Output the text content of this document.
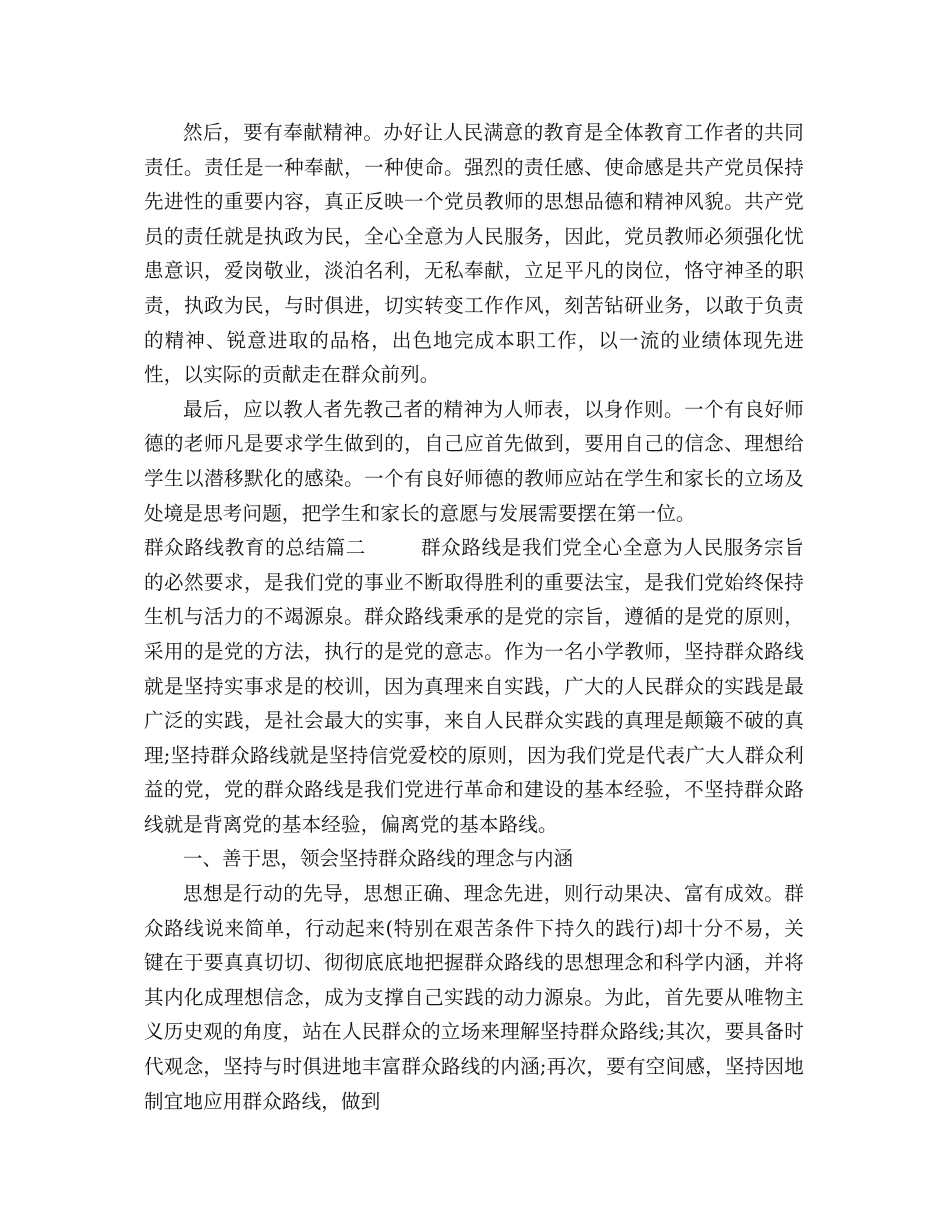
然后，要有奉献精神。办好让人民满意的教育是全体教育工作者的共同责任。责任是一种奉献，一种使命。强烈的责任感、使命感是共产党员保持先进性的重要内容，真正反映一个党员教师的思想品德和精神风貌。共产党员的责任就是执政为民，全心全意为人民服务，因此，党员教师必须强化忧患意识，爱岗敬业，淡泊名利，无私奉献，立足平凡的岗位，恪守神圣的职责，执政为民，与时俱进，切实转变工作作风，刻苦钻研业务，以敢于负责的精神、锐意进取的品格，出色地完成本职工作，以一流的业绩体现先进性，以实际的贡献走在群众前列。

最后，应以教人者先教己者的精神为人师表，以身作则。一个有良好师德的老师凡是要求学生做到的，自己应首先做到，要用自己的信念、理想给学生以潜移默化的感染。一个有良好师德的教师应站在学生和家长的立场及处境是思考问题，把学生和家长的意愿与发展需要摆在第一位。

群众路线教育的总结篇二	群众路线是我们党全心全意为人民服务宗旨的必然要求，是我们党的事业不断取得胜利的重要法宝，是我们党始终保持生机与活力的不竭源泉。群众路线秉承的是党的宗旨，遵循的是党的原则，采用的是党的方法，执行的是党的意志。作为一名小学教师，坚持群众路线就是坚持实事求是的校训，因为真理来自实践，广大的人民群众的实践是最广泛的实践，是社会最大的实事，来自人民群众实践的真理是颠簸不破的真理;坚持群众路线就是坚持信党爱校的原则，因为我们党是代表广大人群众利益的党，党的群众路线是我们党进行革命和建设的基本经验，不坚持群众路线就是背离党的基本经验，偏离党的基本路线。

一、善于思，领会坚持群众路线的理念与内涵

思想是行动的先导，思想正确、理念先进，则行动果决、富有成效。群众路线说来简单，行动起来(特别在艰苦条件下持久的践行)却十分不易，关键在于要真真切切、彻彻底底地把握群众路线的思想理念和科学内涵，并将其内化成理想信念，成为支撑自己实践的动力源泉。为此，首先要从唯物主义历史观的角度，站在人民群众的立场来理解坚持群众路线;其次，要具备时代观念，坚持与时俱进地丰富群众路线的内涵;再次，要有空间感，坚持因地制宜地应用群众路线，做到
